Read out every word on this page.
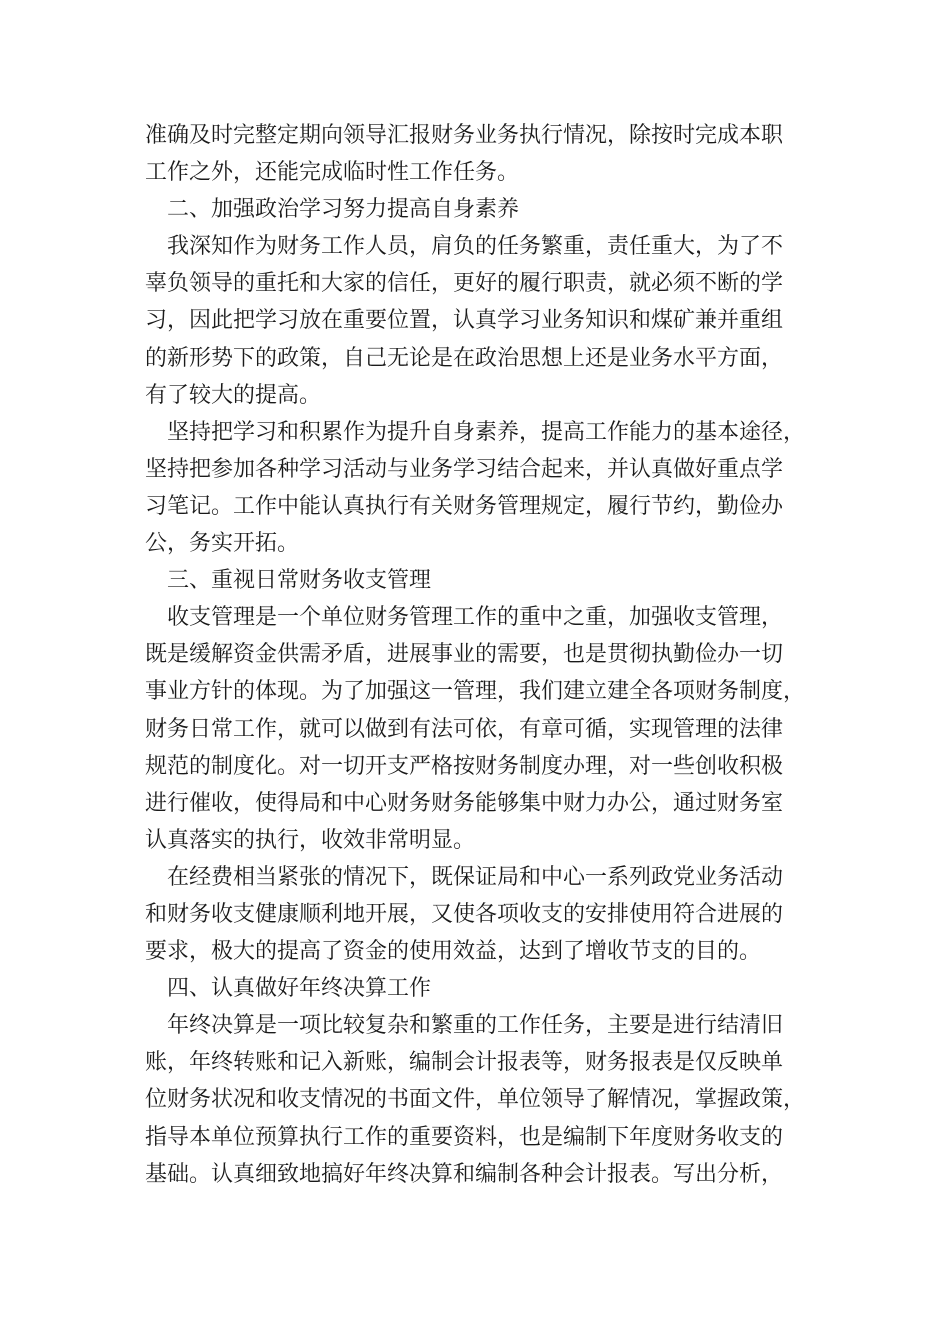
准确及时完整定期向领导汇报财务业务执行情况，除按时完成本职
工作之外，还能完成临时性工作任务。
二、加强政治学习努力提高自身素养
我深知作为财务工作人员，肩负的任务繁重，责任重大，为了不
辜负领导的重托和大家的信任，更好的履行职责，就必须不断的学
习，因此把学习放在重要位置，认真学习业务知识和煤矿兼并重组
的新形势下的政策，自己无论是在政治思想上还是业务水平方面，
有了较大的提高。
坚持把学习和积累作为提升自身素养，提高工作能力的基本途径，
坚持把参加各种学习活动与业务学习结合起来，并认真做好重点学
习笔记。工作中能认真执行有关财务管理规定，履行节约，勤俭办
公，务实开拓。
三、重视日常财务收支管理
收支管理是一个单位财务管理工作的重中之重，加强收支管理，
既是缓解资金供需矛盾，进展事业的需要，也是贯彻执勤俭办一切
事业方针的体现。为了加强这一管理，我们建立建全各项财务制度，
财务日常工作，就可以做到有法可依，有章可循，实现管理的法律
规范的制度化。对一切开支严格按财务制度办理，对一些创收积极
进行催收，使得局和中心财务财务能够集中财力办公，通过财务室
认真落实的执行，收效非常明显。
在经费相当紧张的情况下，既保证局和中心一系列政党业务活动
和财务收支健康顺利地开展，又使各项收支的安排使用符合进展的
要求，极大的提高了资金的使用效益，达到了增收节支的目的。
四、认真做好年终决算工作
年终决算是一项比较复杂和繁重的工作任务，主要是进行结清旧
账，年终转账和记入新账，编制会计报表等，财务报表是仅反映单
位财务状况和收支情况的书面文件，单位领导了解情况，掌握政策，
指导本单位预算执行工作的重要资料，也是编制下年度财务收支的
基础。认真细致地搞好年终决算和编制各种会计报表。写出分析，
